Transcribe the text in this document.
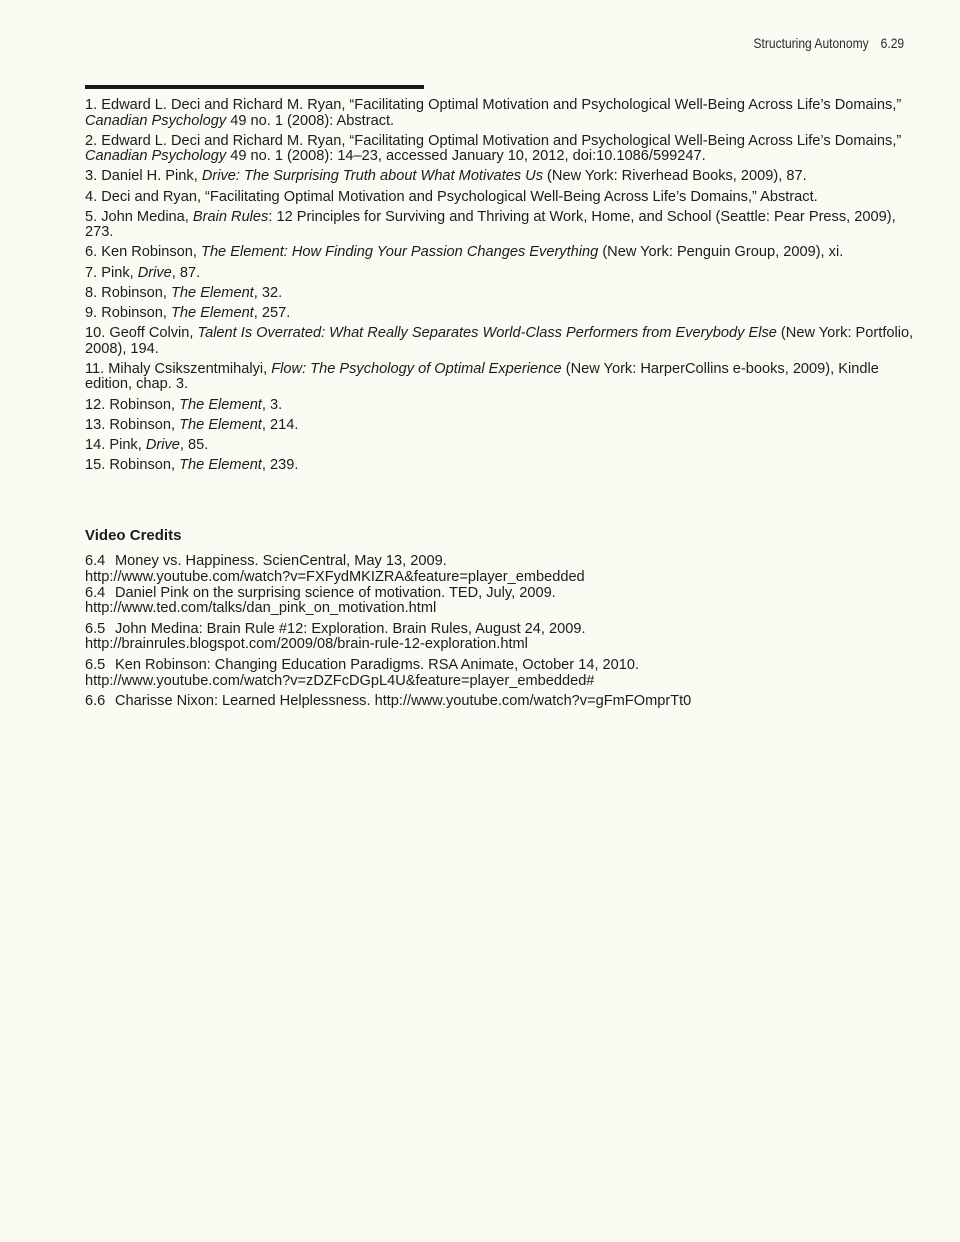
Structuring Autonomy 6.29
1. Edward L. Deci and Richard M. Ryan, “Facilitating Optimal Motivation and Psychological Well-Being Across Life’s Domains,” Canadian Psychology 49 no. 1 (2008): Abstract.
2. Edward L. Deci and Richard M. Ryan, “Facilitating Optimal Motivation and Psychological Well-Being Across Life’s Domains,” Canadian Psychology 49 no. 1 (2008): 14–23, accessed January 10, 2012, doi:10.1086/599247.
3. Daniel H. Pink, Drive: The Surprising Truth about What Motivates Us (New York: Riverhead Books, 2009), 87.
4. Deci and Ryan, “Facilitating Optimal Motivation and Psychological Well-Being Across Life’s Domains,” Abstract.
5. John Medina, Brain Rules: 12 Principles for Surviving and Thriving at Work, Home, and School (Seattle: Pear Press, 2009), 273.
6. Ken Robinson, The Element: How Finding Your Passion Changes Everything (New York: Penguin Group, 2009), xi.
7. Pink, Drive, 87.
8. Robinson, The Element, 32.
9. Robinson, The Element, 257.
10. Geoff Colvin, Talent Is Overrated: What Really Separates World-Class Performers from Everybody Else (New York: Portfolio, 2008), 194.
11. Mihaly Csikszentmihalyi, Flow: The Psychology of Optimal Experience (New York: HarperCollins e-books, 2009), Kindle edition, chap. 3.
12. Robinson, The Element, 3.
13. Robinson, The Element, 214.
14. Pink, Drive, 85.
15. Robinson, The Element, 239.
Video Credits
6.4 Money vs. Happiness. ScienCentral, May 13, 2009.
http://www.youtube.com/watch?v=FXFydMKIZRA&feature=player_embedded
6.4 Daniel Pink on the surprising science of motivation. TED, July, 2009.
http://www.ted.com/talks/dan_pink_on_motivation.html
6.5 John Medina: Brain Rule #12: Exploration. Brain Rules, August 24, 2009.
http://brainrules.blogspot.com/2009/08/brain-rule-12-exploration.html
6.5 Ken Robinson: Changing Education Paradigms. RSA Animate, October 14, 2010.
http://www.youtube.com/watch?v=zDZFcDGpL4U&feature=player_embedded#
6.6 Charisse Nixon: Learned Helplessness. http://www.youtube.com/watch?v=gFmFOmprTt0
